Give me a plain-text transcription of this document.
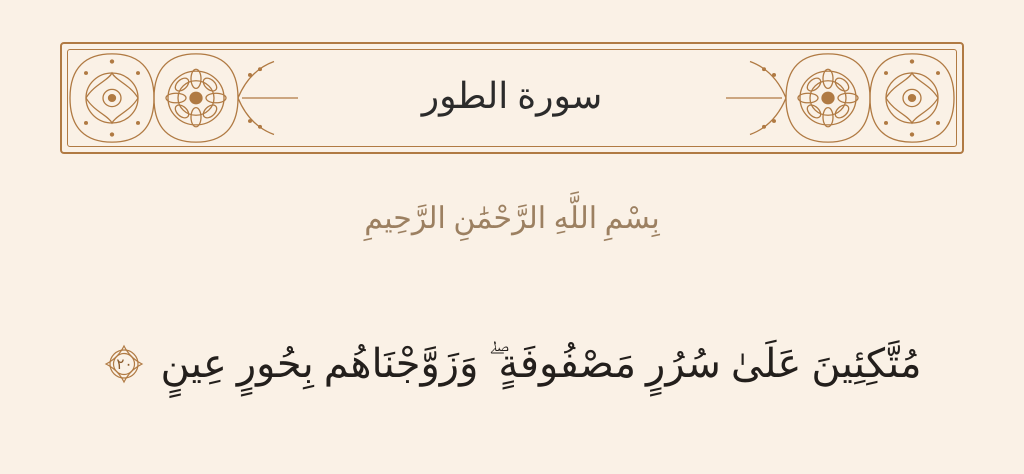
سورة الطور
بِسْمِ اللَّهِ الرَّحْمَٰنِ الرَّحِيمِ
مُتَّكِئِينَ عَلَىٰ سُرُرٍ مَصْفُوفَةٍ ۖ وَزَوَّجْنَاهُم بِحُورٍ عِينٍ
٢٠
